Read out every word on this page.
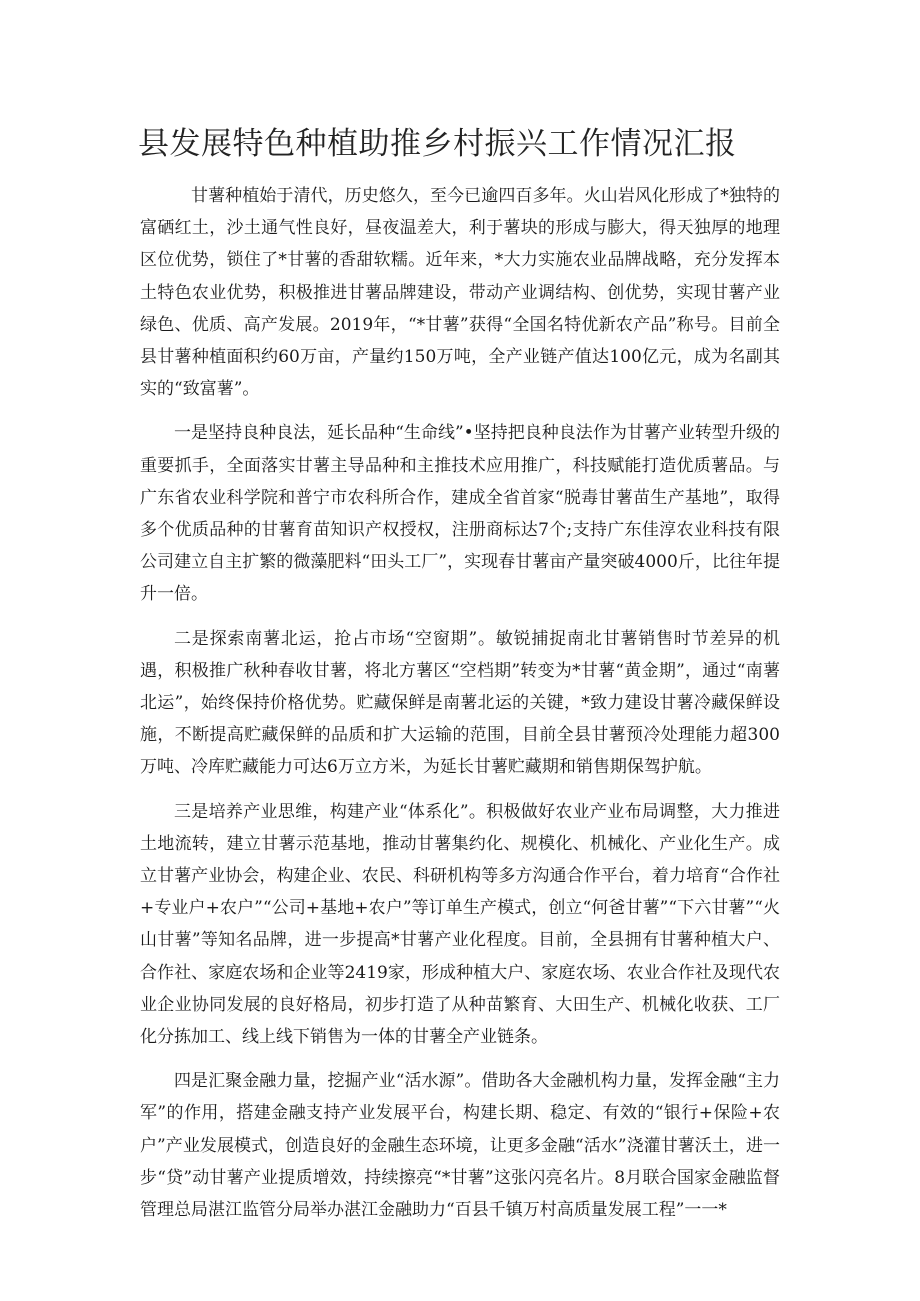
县发展特色种植助推乡村振兴工作情况汇报

甘薯种植始于清代，历史悠久，至今已逾四百多年。火山岩风化形成了*独特的富硒红土，沙土通气性良好，昼夜温差大，利于薯块的形成与膨大，得天独厚的地理区位优势，锁住了*甘薯的香甜软糯。近年来，*大力实施农业品牌战略，充分发挥本土特色农业优势，积极推进甘薯品牌建设，带动产业调结构、创优势，实现甘薯产业绿色、优质、高产发展。2019年，“*甘薯”获得“全国名特优新农产品”称号。目前全县甘薯种植面积约60万亩，产量约150万吨，全产业链产值达100亿元，成为名副其实的“致富薯”。

一是坚持良种良法，延长品种“生命线”•坚持把良种良法作为甘薯产业转型升级的重要抓手，全面落实甘薯主导品种和主推技术应用推广，科技赋能打造优质薯品。与广东省农业科学院和普宁市农科所合作，建成全省首家“脱毒甘薯苗生产基地”，取得多个优质品种的甘薯育苗知识产权授权，注册商标达7个;支持广东佳淳农业科技有限公司建立自主扩繁的微藻肥料“田头工厂”，实现春甘薯亩产量突破4000斤，比往年提升一倍。

二是探索南薯北运，抢占市场“空窗期”。敏锐捕捉南北甘薯销售时节差异的机遇，积极推广秋种春收甘薯，将北方薯区“空档期”转变为*甘薯“黄金期”，通过“南薯北运”，始终保持价格优势。贮藏保鲜是南薯北运的关键，*致力建设甘薯冷藏保鲜设施，不断提高贮藏保鲜的品质和扩大运输的范围，目前全县甘薯预冷处理能力超300万吨、冷库贮藏能力可达6万立方米，为延长甘薯贮藏期和销售期保驾护航。

三是培养产业思维，构建产业“体系化”。积极做好农业产业布局调整，大力推进土地流转，建立甘薯示范基地，推动甘薯集约化、规模化、机械化、产业化生产。成立甘薯产业协会，构建企业、农民、科研机构等多方沟通合作平台，着力培育“合作社+专业户+农户”“公司+基地+农户”等订单生产模式，创立“何爸甘薯”“下六甘薯”“火山甘薯”等知名品牌，进一步提高*甘薯产业化程度。目前，全县拥有甘薯种植大户、合作社、家庭农场和企业等2419家，形成种植大户、家庭农场、农业合作社及现代农业企业协同发展的良好格局，初步打造了从种苗繁育、大田生产、机械化收获、工厂化分拣加工、线上线下销售为一体的甘薯全产业链条。

四是汇聚金融力量，挖掘产业“活水源”。借助各大金融机构力量，发挥金融“主力军”的作用，搭建金融支持产业发展平台，构建长期、稳定、有效的“银行+保险+农户”产业发展模式，创造良好的金融生态环境，让更多金融“活水”浇灌甘薯沃土，进一步“贷”动甘薯产业提质增效，持续擦亮“*甘薯”这张闪亮名片。8月联合国家金融监督管理总局湛江监管分局举办湛江金融助力“百县千镇万村高质量发展工程”一一*
